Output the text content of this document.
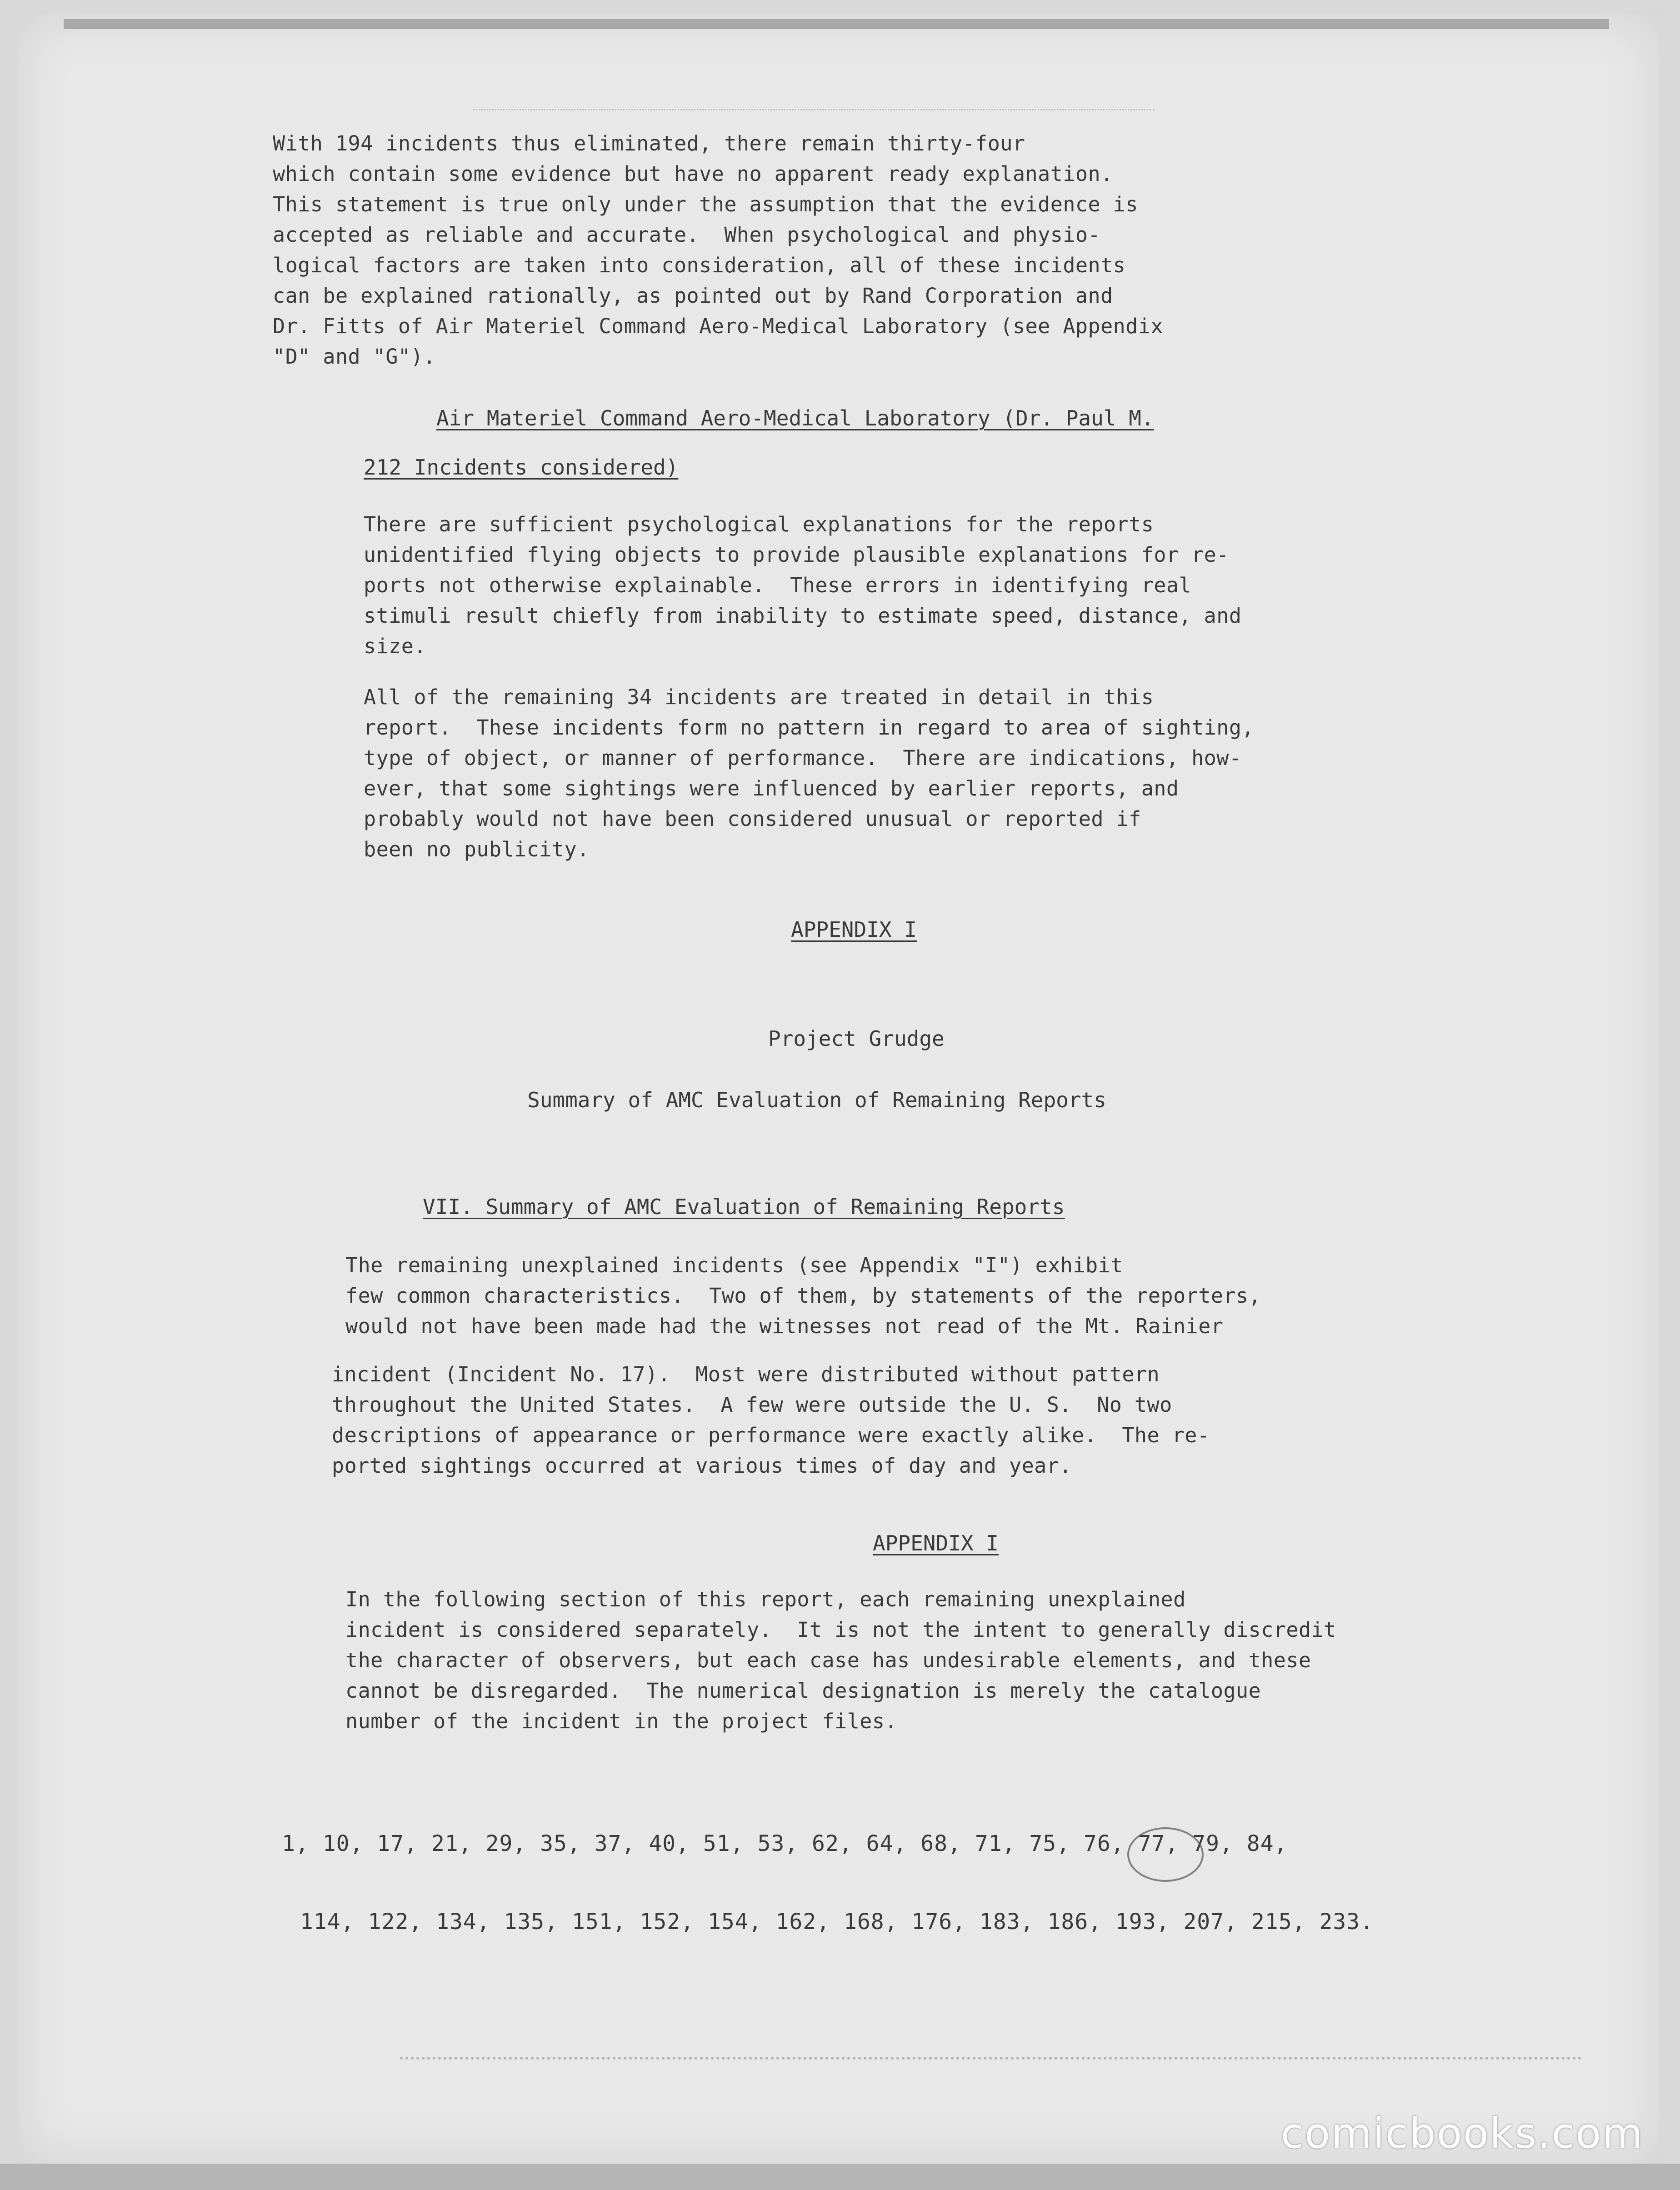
With 194 incidents thus eliminated, there remain thirty-four
which contain some evidence but have no apparent ready explanation.
This statement is true only under the assumption that the evidence is
accepted as reliable and accurate.  When psychological and physio-
logical factors are taken into consideration, all of these incidents
can be explained rationally, as pointed out by Rand Corporation and
Dr. Fitts of Air Materiel Command Aero-Medical Laboratory (see Appendix
"D" and "G").

Air Materiel Command Aero-Medical Laboratory (Dr. Paul M.

212 Incidents considered)

There are sufficient psychological explanations for the reports
unidentified flying objects to provide plausible explanations for re-
ports not otherwise explainable.  These errors in identifying real
stimuli result chiefly from inability to estimate speed, distance, and
size.

All of the remaining 34 incidents are treated in detail in this
report.  These incidents form no pattern in regard to area of sighting,
type of object, or manner of performance.  There are indications, how-
ever, that some sightings were influenced by earlier reports, and
probably would not have been considered unusual or reported if
been no publicity.

APPENDIX I

Project Grudge

Summary of AMC Evaluation of Remaining Reports

VII. Summary of AMC Evaluation of Remaining Reports

The remaining unexplained incidents (see Appendix "I") exhibit
few common characteristics.  Two of them, by statements of the reporters,
would not have been made had the witnesses not read of the Mt. Rainier

incident (Incident No. 17).  Most were distributed without pattern
throughout the United States.  A few were outside the U. S.  No two
descriptions of appearance or performance were exactly alike.  The re-
ported sightings occurred at various times of day and year.

APPENDIX I

In the following section of this report, each remaining unexplained
incident is considered separately.  It is not the intent to generally discredit
the character of observers, but each case has undesirable elements, and these
cannot be disregarded.  The numerical designation is merely the catalogue
number of the incident in the project files.

1, 10, 17, 21, 29, 35, 37, 40, 51, 53, 62, 64, 68, 71, 75, 76, 77, 79, 84,

114, 122, 134, 135, 151, 152, 154, 162, 168, 176, 183, 186, 193, 207, 215, 233.

comicbooks.com
